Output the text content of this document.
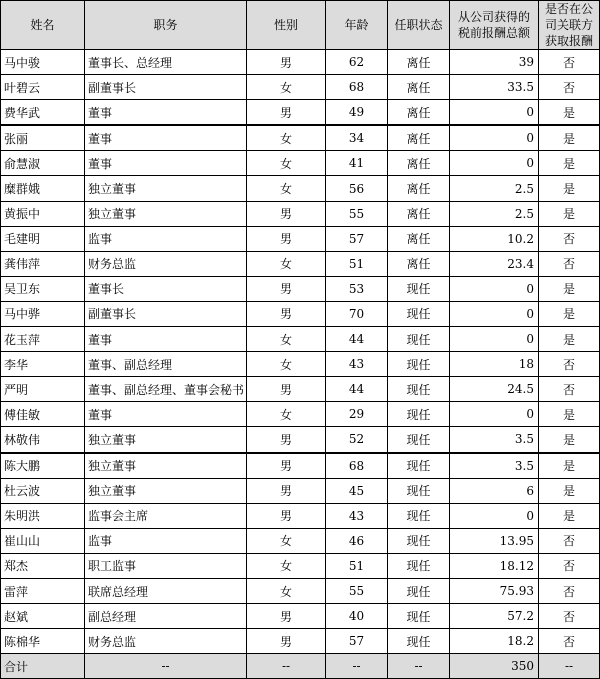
姓名	职务	性别	年龄	任职状态	从公司获得的税前报酬总额	是否在公司关联方获取报酬
马中骏	董事长、总经理	男	62	离任	39	否
叶碧云	副董事长	女	68	离任	33.5	否
费华武	董事	男	49	离任	0	是
张丽	董事	女	34	离任	0	是
俞慧淑	董事	女	41	离任	0	是
糜群娥	独立董事	女	56	离任	2.5	是
黄振中	独立董事	男	55	离任	2.5	是
毛建明	监事	男	57	离任	10.2	否
龚伟萍	财务总监	女	51	离任	23.4	否
吴卫东	董事长	男	53	现任	0	是
马中骅	副董事长	男	70	现任	0	是
花玉萍	董事	女	44	现任	0	是
李华	董事、副总经理	女	43	现任	18	否
严明	董事、副总经理、董事会秘书	男	44	现任	24.5	否
傅佳敏	董事	女	29	现任	0	是
林敬伟	独立董事	男	52	现任	3.5	是
陈大鹏	独立董事	男	68	现任	3.5	是
杜云波	独立董事	男	45	现任	6	是
朱明洪	监事会主席	男	43	现任	0	是
崔山山	监事	女	46	现任	13.95	否
郑杰	职工监事	女	51	现任	18.12	否
雷萍	联席总经理	女	55	现任	75.93	否
赵斌	副总经理	男	40	现任	57.2	否
陈棉华	财务总监	男	57	现任	18.2	否
合计	--	--	--	--	350	--
